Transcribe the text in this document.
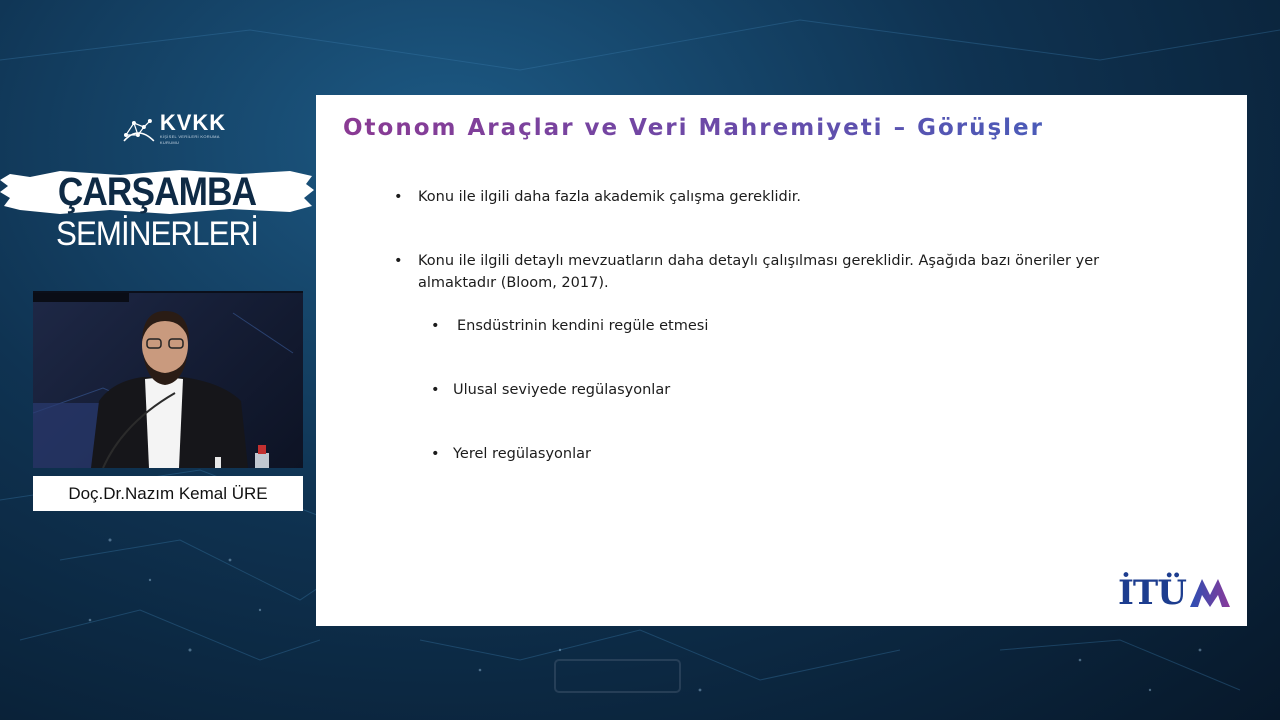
KVKK
KİŞİSEL VERİLERİ KORUMA KURUMU
ÇARŞAMBA
SEMİNERLERİ
Doç.Dr.Nazım Kemal ÜRE
Otonom Araçlar ve Veri Mahremiyeti – Görüşler
• Konu ile ilgili daha fazla akademik çalışma gereklidir.
• Konu ile ilgili detaylı mevzuatların daha detaylı çalışılması gereklidir. Aşağıda bazı öneriler yer
almaktadır (Bloom, 2017).
• Ensdüstrinin kendini regüle etmesi
• Ulusal seviyede regülasyonlar
• Yerel regülasyonlar
İTÜ
